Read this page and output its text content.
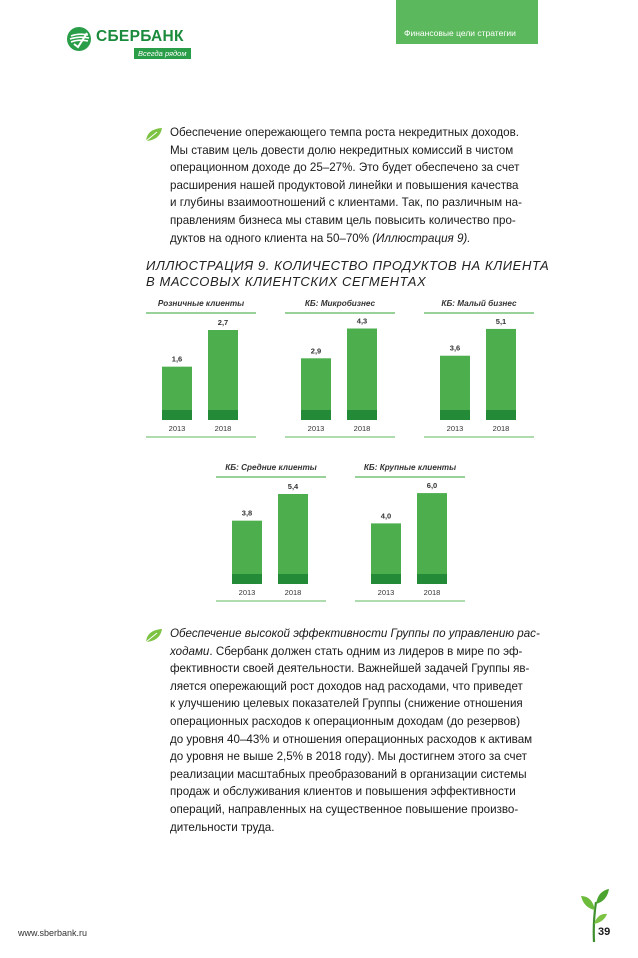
СБЕРБАНК
Всегда рядом
Финансовые цели стратегии
Обеспечение опережающего темпа роста некредитных доходов.
Мы ставим цель довести долю некредитных комиссий в чистом
операционном доходе до 25–27%. Это будет обеспечено за счет
расширения нашей продуктовой линейки и повышения качества
и глубины взаимоотношений с клиентами. Так, по различным на-
правлениям бизнеса мы ставим цель повысить количество про-
дуктов на одного клиента на 50–70% (Иллюстрация 9).
ИЛЛЮСТРАЦИЯ 9. КОЛИЧЕСТВО ПРОДУКТОВ НА КЛИЕНТА
В МАССОВЫХ КЛИЕНТСКИХ СЕГМЕНТАХ
Розничные клиенты
1,6
2013
2,7
2018
КБ: Микробизнес
2,9
2013
4,3
2018
КБ: Малый бизнес
3,6
2013
5,1
2018
КБ: Средние клиенты
3,8
2013
5,4
2018
КБ: Крупные клиенты
4,0
2013
6,0
2018
Обеспечение высокой эффективности Группы по управлению рас-
ходами. Сбербанк должен стать одним из лидеров в мире по эф-
фективности своей деятельности. Важнейшей задачей Группы яв-
ляется опережающий рост доходов над расходами, что приведет
к улучшению целевых показателей Группы (снижение отношения
операционных расходов к операционным доходам (до резервов)
до уровня 40–43% и отношения операционных расходов к активам
до уровня не выше 2,5% в 2018 году). Мы достигнем этого за счет
реализации масштабных преобразований в организации системы
продаж и обслуживания клиентов и повышения эффективности
операций, направленных на существенное повышение произво-
дительности труда.
www.sberbank.ru	39
